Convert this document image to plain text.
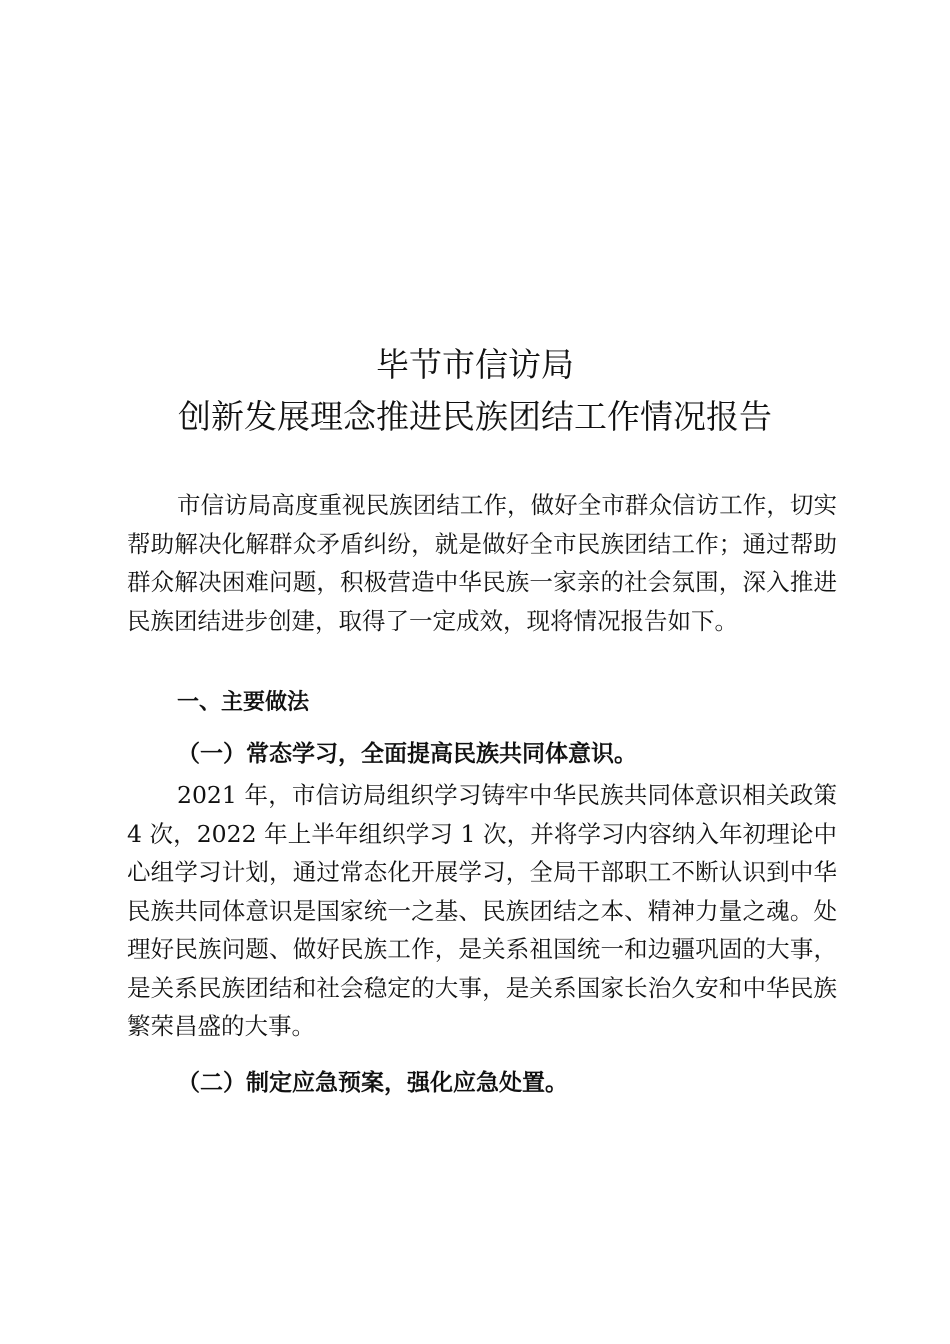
毕节市信访局
创新发展理念推进民族团结工作情况报告

市信访局高度重视民族团结工作，做好全市群众信访工作，切实帮助解决化解群众矛盾纠纷，就是做好全市民族团结工作；通过帮助群众解决困难问题，积极营造中华民族一家亲的社会氛围，深入推进民族团结进步创建，取得了一定成效，现将情况报告如下。

一、主要做法
（一）常态学习，全面提高民族共同体意识。

2021 年，市信访局组织学习铸牢中华民族共同体意识相关政策 4 次，2022 年上半年组织学习 1 次，并将学习内容纳入年初理论中心组学习计划，通过常态化开展学习，全局干部职工不断认识到中华民族共同体意识是国家统一之基、民族团结之本、精神力量之魂。处理好民族问题、做好民族工作，是关系祖国统一和边疆巩固的大事，是关系民族团结和社会稳定的大事，是关系国家长治久安和中华民族繁荣昌盛的大事。

（二）制定应急预案，强化应急处置。
